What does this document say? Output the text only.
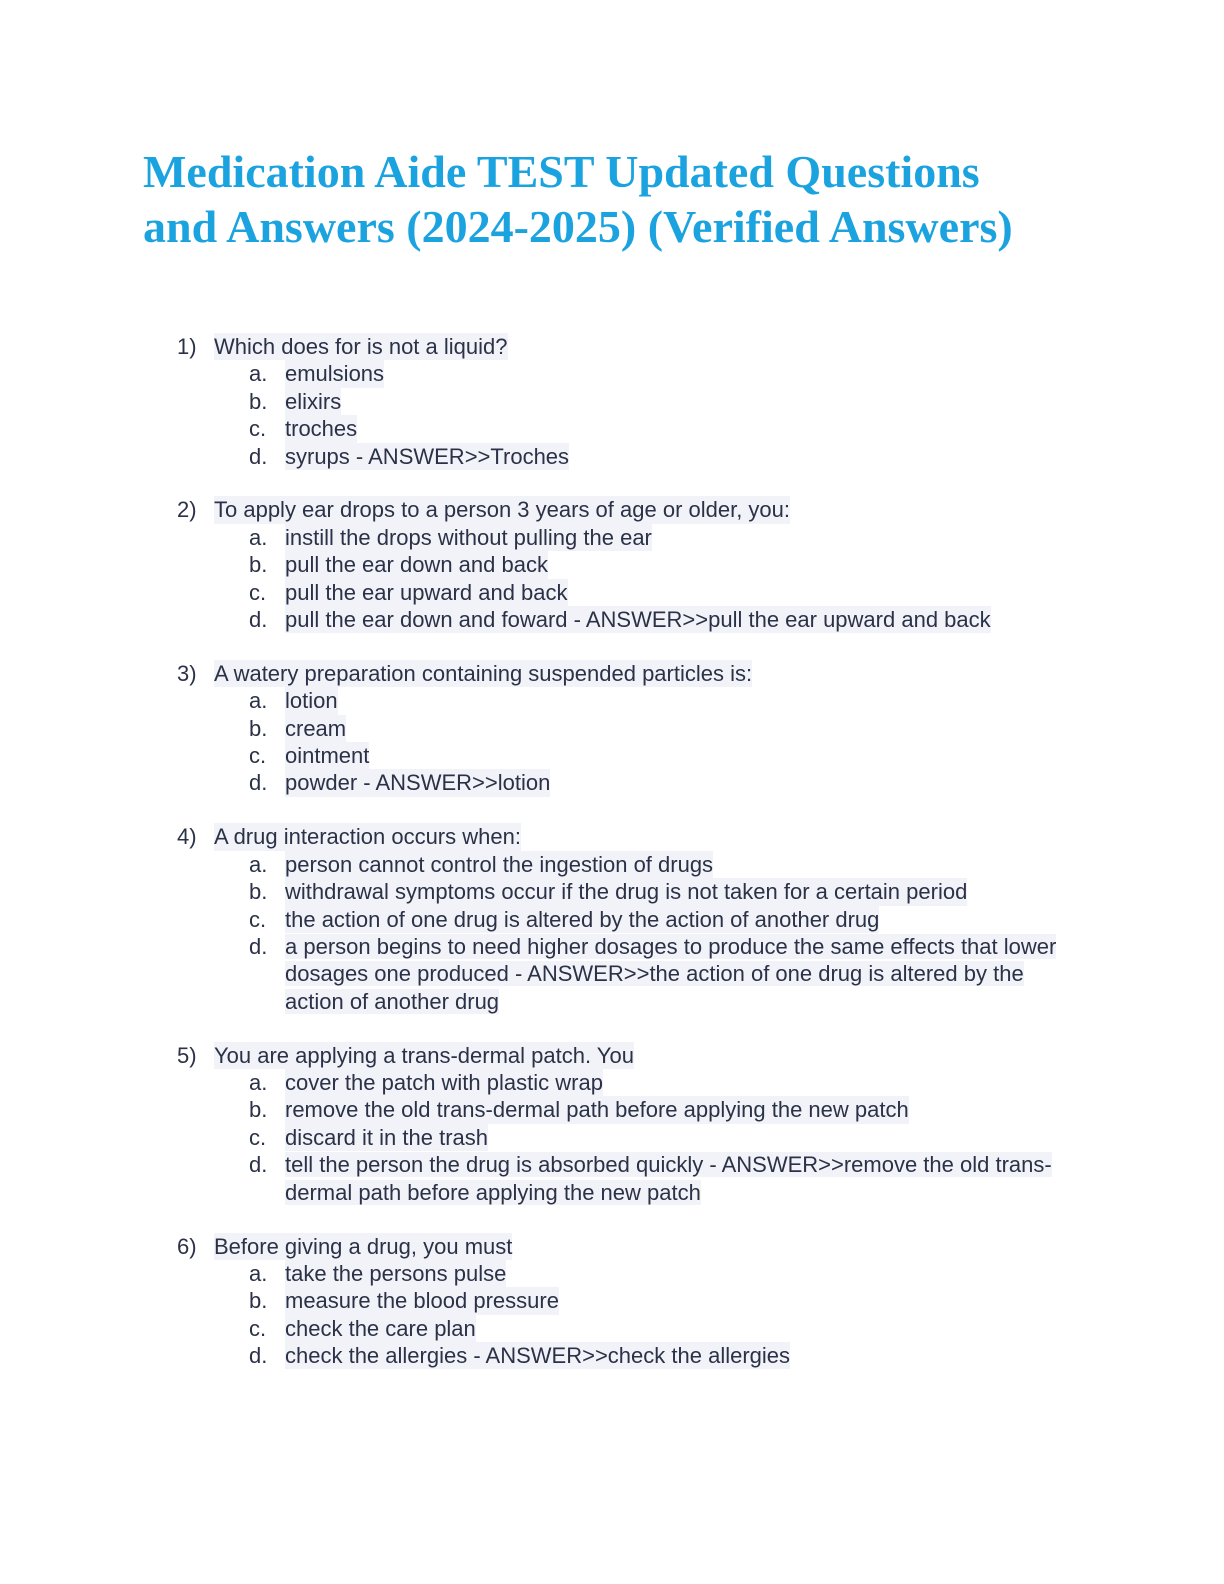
Medication Aide TEST Updated Questions
and Answers (2024-2025) (Verified Answers)
1) Which does for is not a liquid?
a. emulsions
b. elixirs
c. troches
d. syrups - ANSWER>>Troches
2) To apply ear drops to a person 3 years of age or older, you:
a. instill the drops without pulling the ear
b. pull the ear down and back
c. pull the ear upward and back
d. pull the ear down and foward - ANSWER>>pull the ear upward and back
3) A watery preparation containing suspended particles is:
a. lotion
b. cream
c. ointment
d. powder - ANSWER>>lotion
4) A drug interaction occurs when:
a. person cannot control the ingestion of drugs
b. withdrawal symptoms occur if the drug is not taken for a certain period
c. the action of one drug is altered by the action of another drug
d. a person begins to need higher dosages to produce the same effects that lower dosages one produced - ANSWER>>the action of one drug is altered by the action of another drug
5) You are applying a trans-dermal patch. You
a. cover the patch with plastic wrap
b. remove the old trans-dermal path before applying the new patch
c. discard it in the trash
d. tell the person the drug is absorbed quickly - ANSWER>>remove the old trans-dermal path before applying the new patch
6) Before giving a drug, you must
a. take the persons pulse
b. measure the blood pressure
c. check the care plan
d. check the allergies - ANSWER>>check the allergies
